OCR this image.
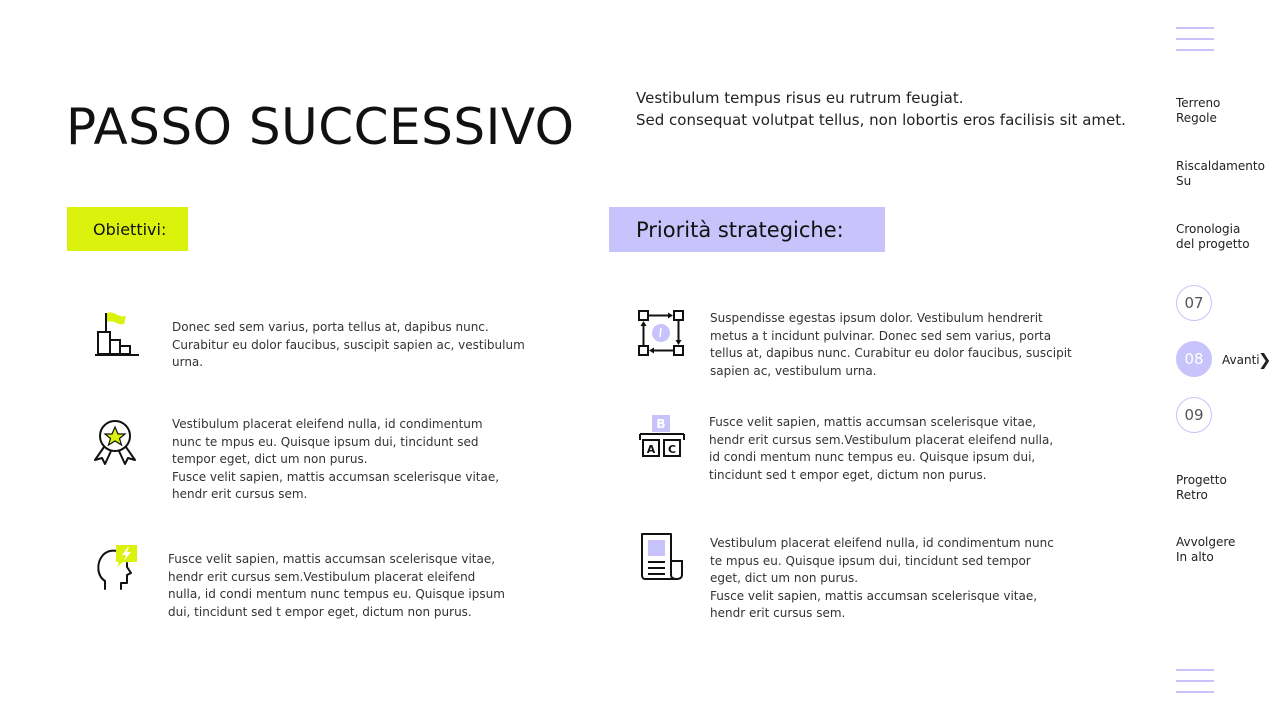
PASSO SUCCESSIVO	Vestibulum tempus risus eu rutrum feugiat.
Sed consequat volutpat tellus, non lobortis eros facilisis sit amet.
Obiettivi:	Priorità strategiche:
Donec sed sem varius, porta tellus at, dapibus nunc. Curabitur eu dolor faucibus, suscipit sapien ac, vestibulum urna.
Vestibulum placerat eleifend nulla, id condimentum nunc te mpus eu. Quisque ipsum dui, tincidunt sed tempor eget, dict um non purus.
Fusce velit sapien, mattis accumsan scelerisque vitae, hendr erit cursus sem.
Fusce velit sapien, mattis accumsan scelerisque vitae, hendr erit cursus sem.Vestibulum placerat eleifend nulla, id condi mentum nunc tempus eu. Quisque ipsum dui, tincidunt sed t empor eget, dictum non purus.
Suspendisse egestas ipsum dolor. Vestibulum hendrerit metus a t incidunt pulvinar. Donec sed sem varius, porta tellus at, dapibus nunc. Curabitur eu dolor faucibus, suscipit sapien ac, vestibulum urna.
B
A C
Fusce velit sapien, mattis accumsan scelerisque vitae, hendr erit cursus sem.Vestibulum placerat eleifend nulla, id condi mentum nunc tempus eu. Quisque ipsum dui, tincidunt sed t empor eget, dictum non purus.
Vestibulum placerat eleifend nulla, id condimentum nunc te mpus eu. Quisque ipsum dui, tincidunt sed tempor eget, dict um non purus.
Fusce velit sapien, mattis accumsan scelerisque vitae, hendr erit cursus sem.
Terreno
Regole
Riscaldamento
Su
Cronologia
del progetto
07
08	Avanti
❯
09
Progetto
Retro
Avvolgere
In alto
